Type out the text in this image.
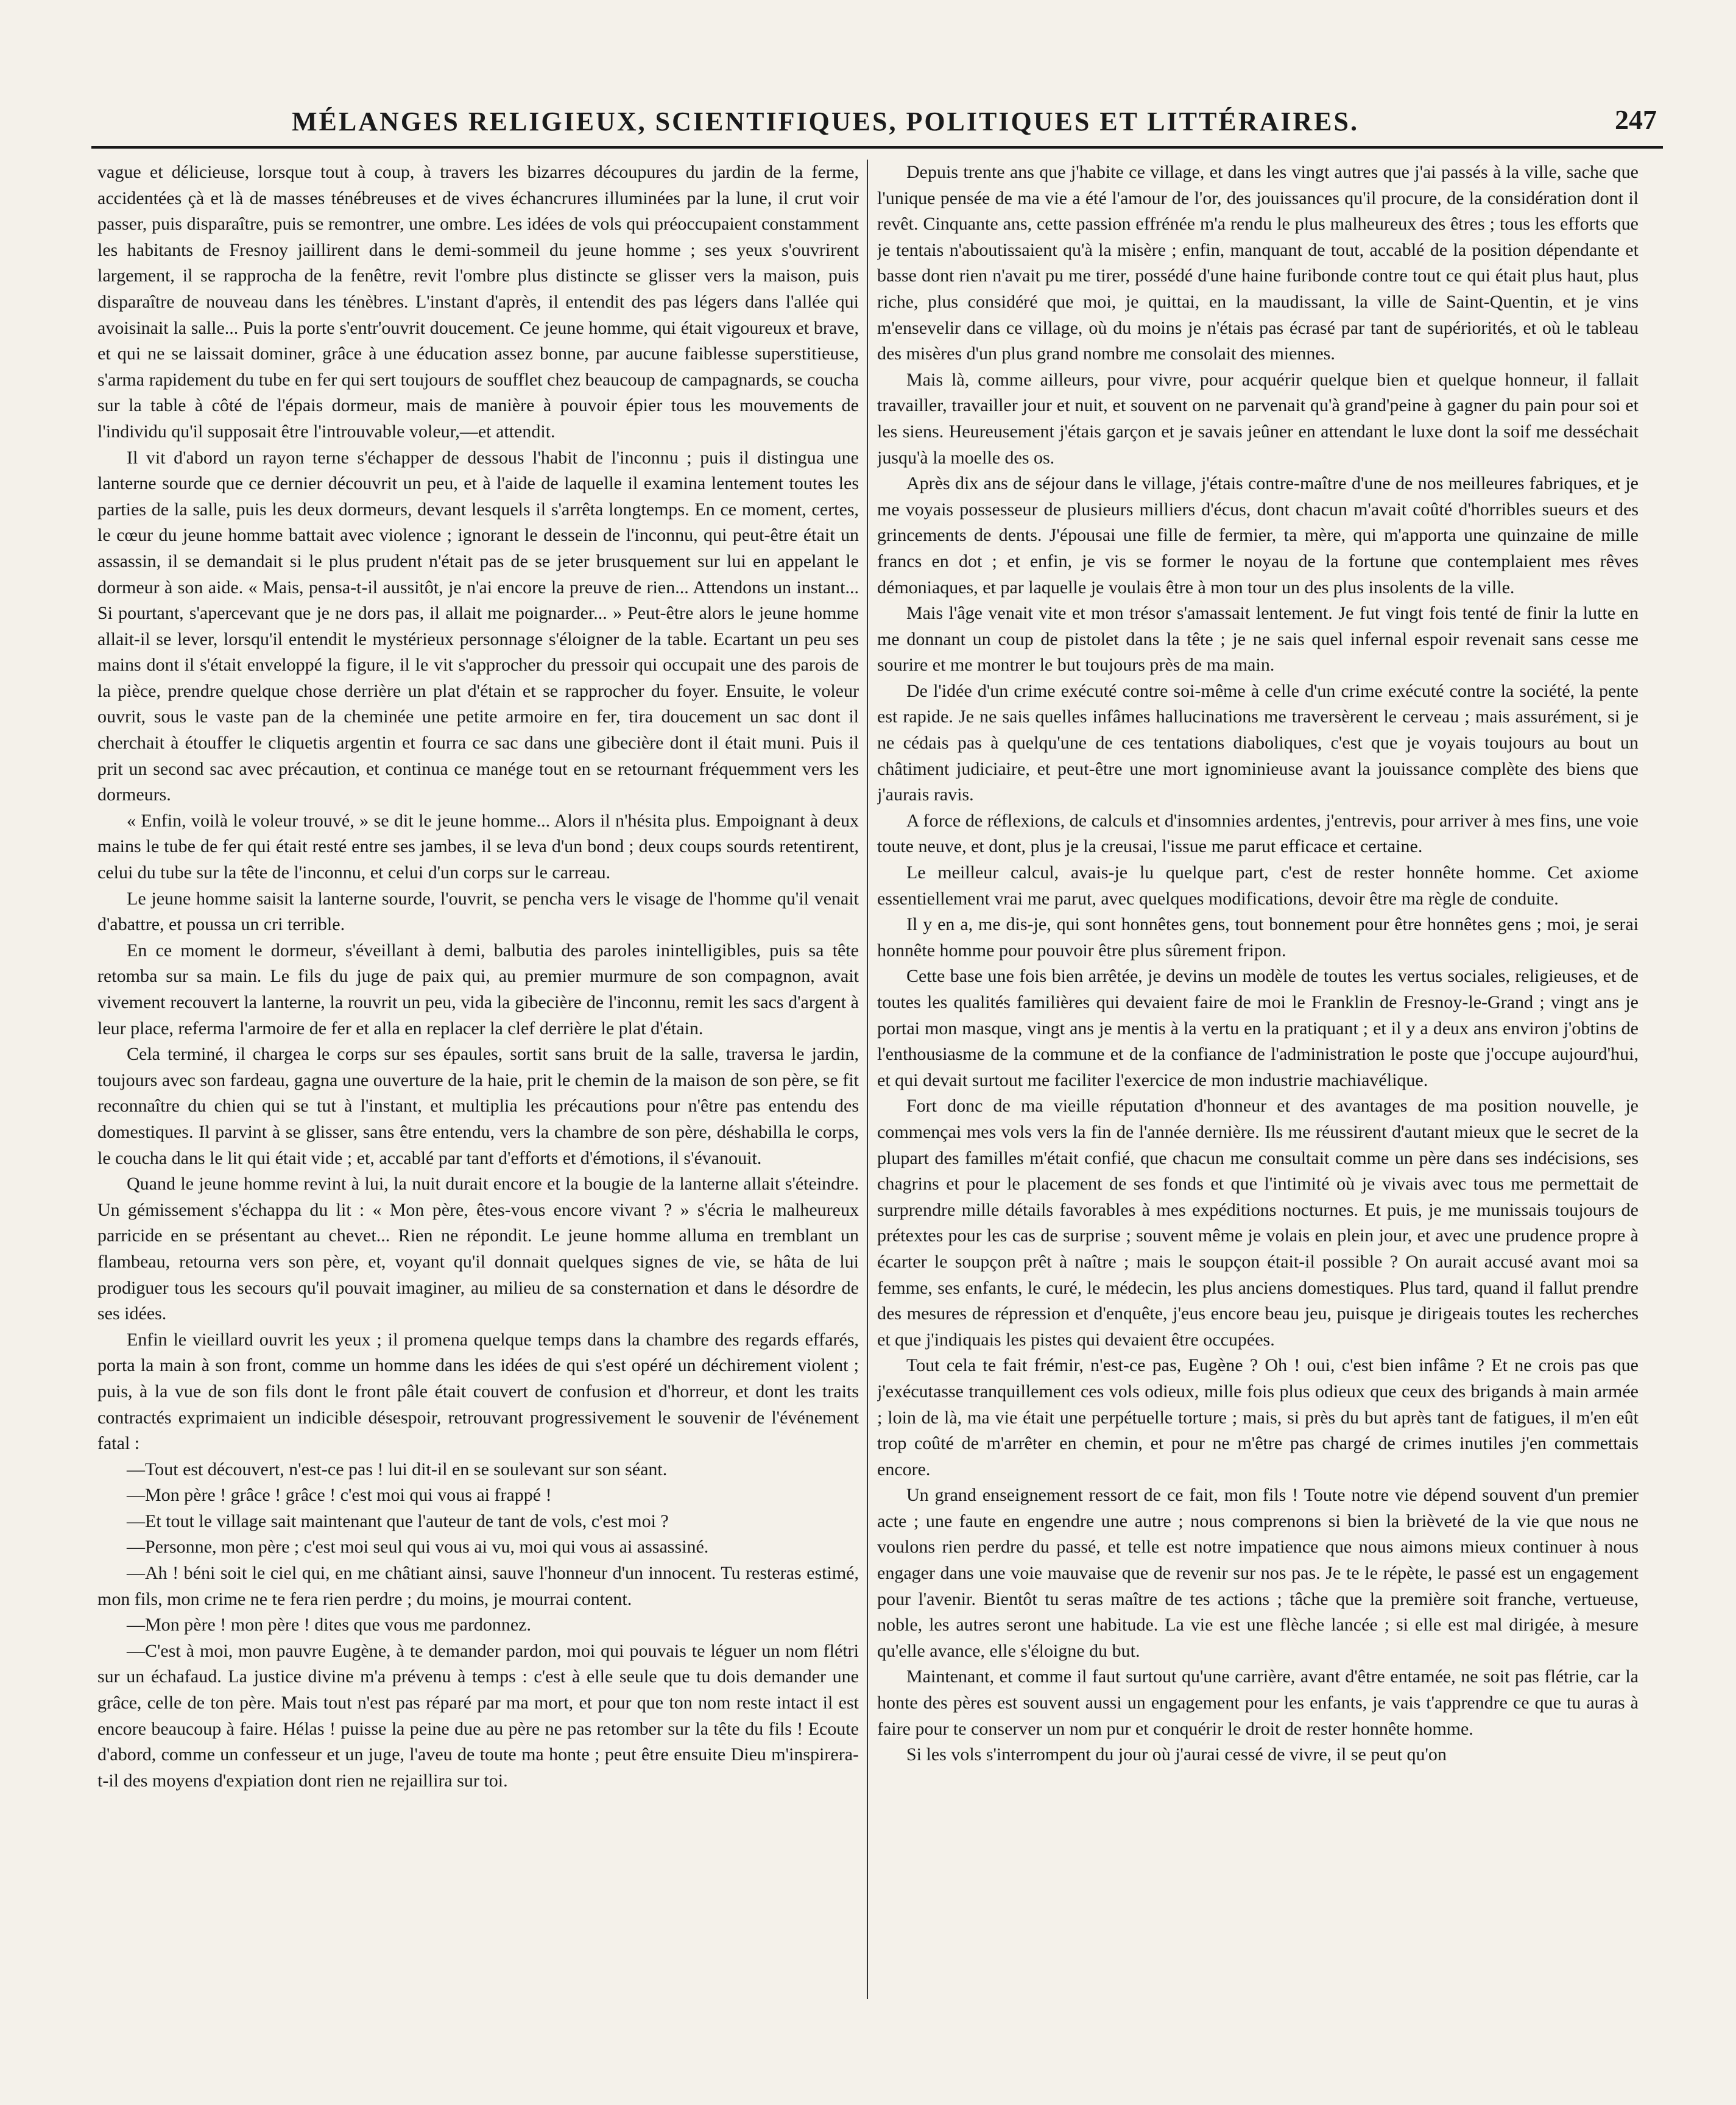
MÉLANGES RELIGIEUX, SCIENTIFIQUES, POLITIQUES ET LITTÉRAIRES.	247

vague et délicieuse, lorsque tout à coup, à travers les bizarres découpures du jardin de la ferme, accidentées çà et là de masses ténébreuses et de vives échancrures illuminées par la lune, il crut voir passer, puis disparaître, puis se remontrer, une ombre. Les idées de vols qui préoccupaient constamment les habitants de Fresnoy jaillirent dans le demi-sommeil du jeune homme ; ses yeux s'ouvrirent largement, il se rapprocha de la fenêtre, revit l'ombre plus distincte se glisser vers la maison, puis disparaître de nouveau dans les ténèbres. L'instant d'après, il entendit des pas légers dans l'allée qui avoisinait la salle... Puis la porte s'entr'ouvrit doucement. Ce jeune homme, qui était vigoureux et brave, et qui ne se laissait dominer, grâce à une éducation assez bonne, par aucune faiblesse superstitieuse, s'arma rapidement du tube en fer qui sert toujours de soufflet chez beaucoup de campagnards, se coucha sur la table à côté de l'épais dormeur, mais de manière à pouvoir épier tous les mouvements de l'individu qu'il supposait être l'introuvable voleur,—et attendit.

Il vit d'abord un rayon terne s'échapper de dessous l'habit de l'inconnu ; puis il distingua une lanterne sourde que ce dernier découvrit un peu, et à l'aide de laquelle il examina lentement toutes les parties de la salle, puis les deux dormeurs, devant lesquels il s'arrêta longtemps. En ce moment, certes, le cœur du jeune homme battait avec violence ; ignorant le dessein de l'inconnu, qui peut-être était un assassin, il se demandait si le plus prudent n'était pas de se jeter brusquement sur lui en appelant le dormeur à son aide. « Mais, pensa-t-il aussitôt, je n'ai encore la preuve de rien... Attendons un instant... Si pourtant, s'apercevant que je ne dors pas, il allait me poignarder... » Peut-être alors le jeune homme allait-il se lever, lorsqu'il entendit le mystérieux personnage s'éloigner de la table. Ecartant un peu ses mains dont il s'était enveloppé la figure, il le vit s'approcher du pressoir qui occupait une des parois de la pièce, prendre quelque chose derrière un plat d'étain et se rapprocher du foyer. Ensuite, le voleur ouvrit, sous le vaste pan de la cheminée une petite armoire en fer, tira doucement un sac dont il cherchait à étouffer le cliquetis argentin et fourra ce sac dans une gibecière dont il était muni. Puis il prit un second sac avec précaution, et continua ce manége tout en se retournant fréquemment vers les dormeurs.

« Enfin, voilà le voleur trouvé, » se dit le jeune homme... Alors il n'hésita plus. Empoignant à deux mains le tube de fer qui était resté entre ses jambes, il se leva d'un bond ; deux coups sourds retentirent, celui du tube sur la tête de l'inconnu, et celui d'un corps sur le carreau.

Le jeune homme saisit la lanterne sourde, l'ouvrit, se pencha vers le visage de l'homme qu'il venait d'abattre, et poussa un cri terrible.

En ce moment le dormeur, s'éveillant à demi, balbutia des paroles inintelligibles, puis sa tête retomba sur sa main. Le fils du juge de paix qui, au premier murmure de son compagnon, avait vivement recouvert la lanterne, la rouvrit un peu, vida la gibecière de l'inconnu, remit les sacs d'argent à leur place, referma l'armoire de fer et alla en replacer la clef derrière le plat d'étain.

Cela terminé, il chargea le corps sur ses épaules, sortit sans bruit de la salle, traversa le jardin, toujours avec son fardeau, gagna une ouverture de la haie, prit le chemin de la maison de son père, se fit reconnaître du chien qui se tut à l'instant, et multiplia les précautions pour n'être pas entendu des domestiques. Il parvint à se glisser, sans être entendu, vers la chambre de son père, déshabilla le corps, le coucha dans le lit qui était vide ; et, accablé par tant d'efforts et d'émotions, il s'évanouit.

Quand le jeune homme revint à lui, la nuit durait encore et la bougie de la lanterne allait s'éteindre. Un gémissement s'échappa du lit : « Mon père, êtes-vous encore vivant ? » s'écria le malheureux parricide en se présentant au chevet... Rien ne répondit. Le jeune homme alluma en tremblant un flambeau, retourna vers son père, et, voyant qu'il donnait quelques signes de vie, se hâta de lui prodiguer tous les secours qu'il pouvait imaginer, au milieu de sa consternation et dans le désordre de ses idées.

Enfin le vieillard ouvrit les yeux ; il promena quelque temps dans la chambre des regards effarés, porta la main à son front, comme un homme dans les idées de qui s'est opéré un déchirement violent ; puis, à la vue de son fils dont le front pâle était couvert de confusion et d'horreur, et dont les traits contractés exprimaient un indicible désespoir, retrouvant progressivement le souvenir de l'événement fatal :

—Tout est découvert, n'est-ce pas ! lui dit-il en se soulevant sur son séant.

—Mon père ! grâce ! grâce ! c'est moi qui vous ai frappé !

—Et tout le village sait maintenant que l'auteur de tant de vols, c'est moi ?

—Personne, mon père ; c'est moi seul qui vous ai vu, moi qui vous ai assassiné.

—Ah ! béni soit le ciel qui, en me châtiant ainsi, sauve l'honneur d'un innocent. Tu resteras estimé, mon fils, mon crime ne te fera rien perdre ; du moins, je mourrai content.

—Mon père ! mon père ! dites que vous me pardonnez.

—C'est à moi, mon pauvre Eugène, à te demander pardon, moi qui pouvais te léguer un nom flétri sur un échafaud. La justice divine m'a prévenu à temps : c'est à elle seule que tu dois demander une grâce, celle de ton père. Mais tout n'est pas réparé par ma mort, et pour que ton nom reste intact il est encore beaucoup à faire. Hélas ! puisse la peine due au père ne pas retomber sur la tête du fils ! Ecoute d'abord, comme un confesseur et un juge, l'aveu de toute ma honte ; peut être ensuite Dieu m'inspirera-t-il des moyens d'expiation dont rien ne rejaillira sur toi.

Depuis trente ans que j'habite ce village, et dans les vingt autres que j'ai passés à la ville, sache que l'unique pensée de ma vie a été l'amour de l'or, des jouissances qu'il procure, de la considération dont il revêt. Cinquante ans, cette passion effrénée m'a rendu le plus malheureux des êtres ; tous les efforts que je tentais n'aboutissaient qu'à la misère ; enfin, manquant de tout, accablé de la position dépendante et basse dont rien n'avait pu me tirer, possédé d'une haine furibonde contre tout ce qui était plus haut, plus riche, plus considéré que moi, je quittai, en la maudissant, la ville de Saint-Quentin, et je vins m'ensevelir dans ce village, où du moins je n'étais pas écrasé par tant de supériorités, et où le tableau des misères d'un plus grand nombre me consolait des miennes.

Mais là, comme ailleurs, pour vivre, pour acquérir quelque bien et quelque honneur, il fallait travailler, travailler jour et nuit, et souvent on ne parvenait qu'à grand'peine à gagner du pain pour soi et les siens. Heureusement j'étais garçon et je savais jeûner en attendant le luxe dont la soif me desséchait jusqu'à la moelle des os.

Après dix ans de séjour dans le village, j'étais contre-maître d'une de nos meilleures fabriques, et je me voyais possesseur de plusieurs milliers d'écus, dont chacun m'avait coûté d'horribles sueurs et des grincements de dents. J'épousai une fille de fermier, ta mère, qui m'apporta une quinzaine de mille francs en dot ; et enfin, je vis se former le noyau de la fortune que contemplaient mes rêves démoniaques, et par laquelle je voulais être à mon tour un des plus insolents de la ville.

Mais l'âge venait vite et mon trésor s'amassait lentement. Je fut vingt fois tenté de finir la lutte en me donnant un coup de pistolet dans la tête ; je ne sais quel infernal espoir revenait sans cesse me sourire et me montrer le but toujours près de ma main.

De l'idée d'un crime exécuté contre soi-même à celle d'un crime exécuté contre la société, la pente est rapide. Je ne sais quelles infâmes hallucinations me traversèrent le cerveau ; mais assurément, si je ne cédais pas à quelqu'une de ces tentations diaboliques, c'est que je voyais toujours au bout un châtiment judiciaire, et peut-être une mort ignominieuse avant la jouissance complète des biens que j'aurais ravis.

A force de réflexions, de calculs et d'insomnies ardentes, j'entrevis, pour arriver à mes fins, une voie toute neuve, et dont, plus je la creusai, l'issue me parut efficace et certaine.

Le meilleur calcul, avais-je lu quelque part, c'est de rester honnête homme. Cet axiome essentiellement vrai me parut, avec quelques modifications, devoir être ma règle de conduite.

Il y en a, me dis-je, qui sont honnêtes gens, tout bonnement pour être honnêtes gens ; moi, je serai honnête homme pour pouvoir être plus sûrement fripon.

Cette base une fois bien arrêtée, je devins un modèle de toutes les vertus sociales, religieuses, et de toutes les qualités familières qui devaient faire de moi le Franklin de Fresnoy-le-Grand ; vingt ans je portai mon masque, vingt ans je mentis à la vertu en la pratiquant ; et il y a deux ans environ j'obtins de l'enthousiasme de la commune et de la confiance de l'administration le poste que j'occupe aujourd'hui, et qui devait surtout me faciliter l'exercice de mon industrie machiavélique.

Fort donc de ma vieille réputation d'honneur et des avantages de ma position nouvelle, je commençai mes vols vers la fin de l'année dernière. Ils me réussirent d'autant mieux que le secret de la plupart des familles m'était confié, que chacun me consultait comme un père dans ses indécisions, ses chagrins et pour le placement de ses fonds et que l'intimité où je vivais avec tous me permettait de surprendre mille détails favorables à mes expéditions nocturnes. Et puis, je me munissais toujours de prétextes pour les cas de surprise ; souvent même je volais en plein jour, et avec une prudence propre à écarter le soupçon prêt à naître ; mais le soupçon était-il possible ? On aurait accusé avant moi sa femme, ses enfants, le curé, le médecin, les plus anciens domestiques. Plus tard, quand il fallut prendre des mesures de répression et d'enquête, j'eus encore beau jeu, puisque je dirigeais toutes les recherches et que j'indiquais les pistes qui devaient être occupées.

Tout cela te fait frémir, n'est-ce pas, Eugène ? Oh ! oui, c'est bien infâme ? Et ne crois pas que j'exécutasse tranquillement ces vols odieux, mille fois plus odieux que ceux des brigands à main armée ; loin de là, ma vie était une perpétuelle torture ; mais, si près du but après tant de fatigues, il m'en eût trop coûté de m'arrêter en chemin, et pour ne m'être pas chargé de crimes inutiles j'en commettais encore.

Un grand enseignement ressort de ce fait, mon fils ! Toute notre vie dépend souvent d'un premier acte ; une faute en engendre une autre ; nous comprenons si bien la brièveté de la vie que nous ne voulons rien perdre du passé, et telle est notre impatience que nous aimons mieux continuer à nous engager dans une voie mauvaise que de revenir sur nos pas. Je te le répète, le passé est un engagement pour l'avenir. Bientôt tu seras maître de tes actions ; tâche que la première soit franche, vertueuse, noble, les autres seront une habitude. La vie est une flèche lancée ; si elle est mal dirigée, à mesure qu'elle avance, elle s'éloigne du but.

Maintenant, et comme il faut surtout qu'une carrière, avant d'être entamée, ne soit pas flétrie, car la honte des pères est souvent aussi un engagement pour les enfants, je vais t'apprendre ce que tu auras à faire pour te conserver un nom pur et conquérir le droit de rester honnête homme.

Si les vols s'interrompent du jour où j'aurai cessé de vivre, il se peut qu'on
